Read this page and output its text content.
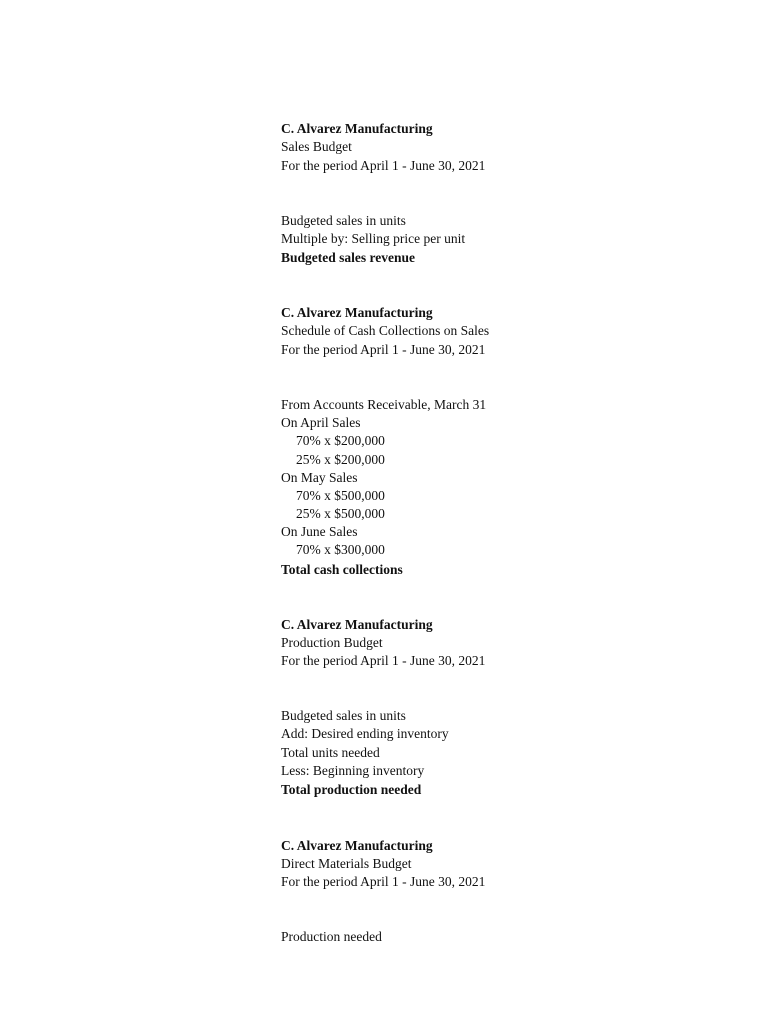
C. Alvarez Manufacturing
Sales Budget
For the period April 1 - June 30, 2021
Budgeted sales in units
Multiple by: Selling price per unit
Budgeted sales revenue
C. Alvarez Manufacturing
Schedule of Cash Collections on Sales
For the period April 1 - June 30, 2021
From Accounts Receivable, March 31
On April Sales
70% x $200,000
25% x $200,000
On May Sales
70% x $500,000
25% x $500,000
On June Sales
70% x $300,000
Total cash collections
C. Alvarez Manufacturing
Production Budget
For the period April 1 - June 30, 2021
Budgeted sales in units
Add: Desired ending inventory
Total units needed
Less: Beginning inventory
Total production needed
C. Alvarez Manufacturing
Direct Materials Budget
For the period April 1 - June 30, 2021
Production needed
